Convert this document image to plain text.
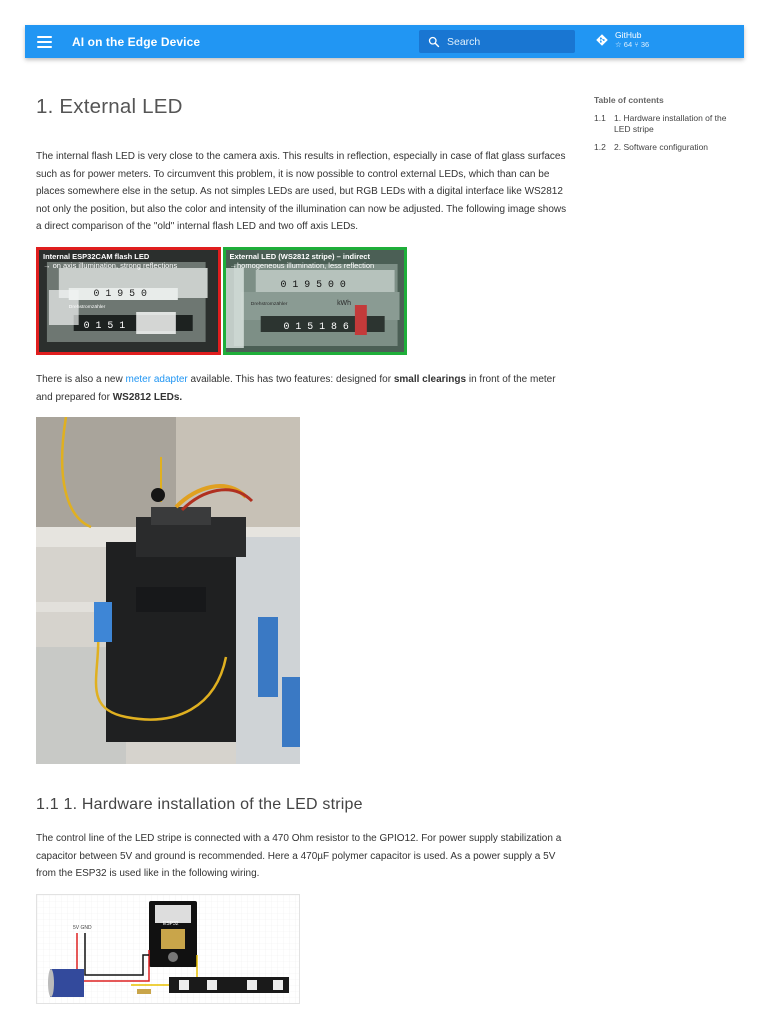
AI on the Edge Device
Search	GitHub
☆ 64 ⑂ 36
1. External LED

The internal flash LED is very close to the camera axis. This results in reflection, especially in case of flat glass surfaces such as for power meters. To circumvent this problem, it is now possible to control external LEDs, which than can be places somewhere else in the setup. As not simples LEDs are used, but RGB LEDs with a digital interface like WS2812 not only the position, but also the color and intensity of the illumination can now be adjusted. The following image shows a direct comparison of the "old" internal flash LED and two off axis LEDs.

0 1 9 5 0
0 1 5 1
Drehstromzähler
Internal ESP32CAM flash LED
→ on axis illumination, strong reflections
0 1 9 5 0 0
0 1 5 1 8 6
Drehstromzähler	kWh
External LED (WS2812 stripe) – indirect
→homogeneous illumination, less reflection

There is also a new meter adapter available. This has two features: designed for small clearings in front of the meter and prepared for WS2812 LEDs.

1.1 1. Hardware installation of the LED stripe

The control line of the LED stripe is connected with a 470 Ohm resistor to the GPIO12. For power supply stabilization a capacitor between 5V and ground is recommended. Here a 470µF polymer capacitor is used. As a power supply a 5V from the ESP32 is used like in the following wiring.

ESP32
5V GND
Table of contents
1.1 1. Hardware installation of the LED stripe
1.2 2. Software configuration
